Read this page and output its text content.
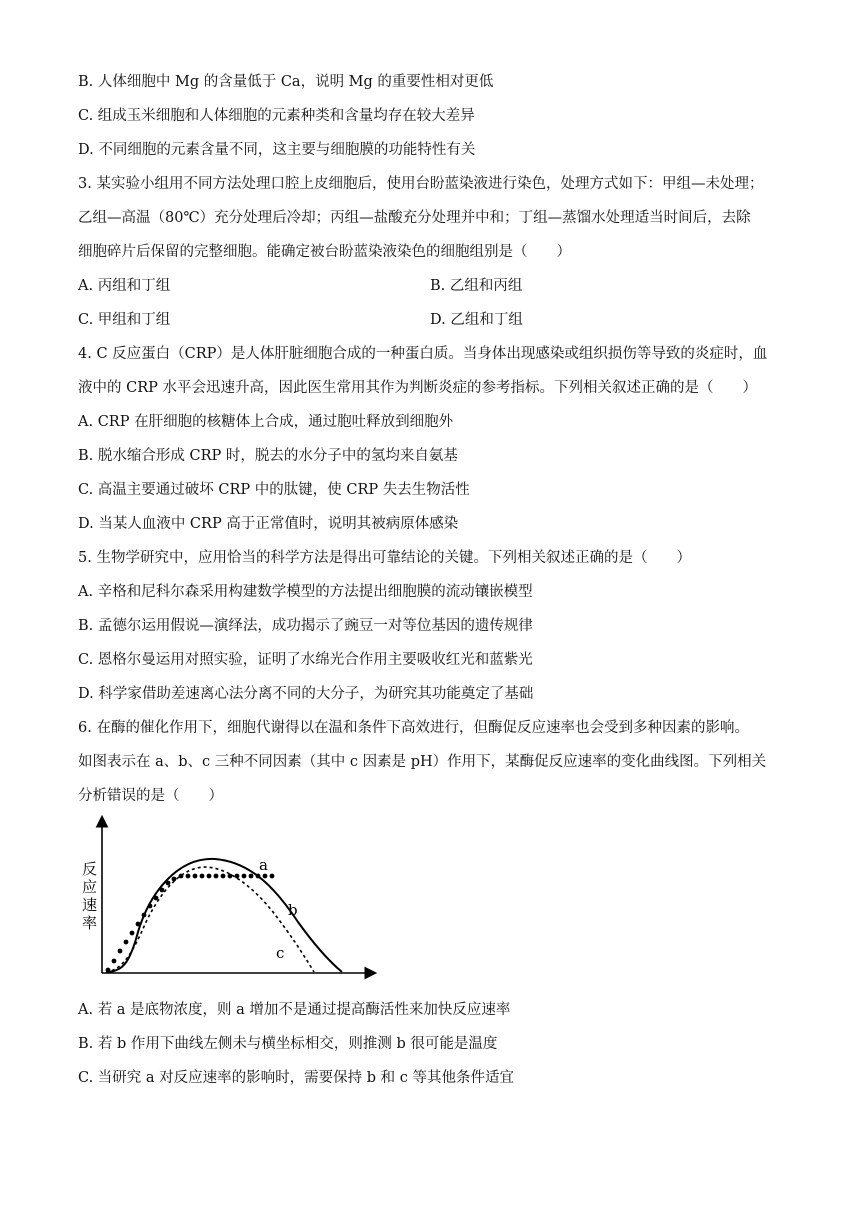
B. 人体细胞中 Mg 的含量低于 Ca，说明 Mg 的重要性相对更低
C. 组成玉米细胞和人体细胞的元素种类和含量均存在较大差异
D. 不同细胞的元素含量不同，这主要与细胞膜的功能特性有关
3. 某实验小组用不同方法处理口腔上皮细胞后，使用台盼蓝染液进行染色，处理方式如下：甲组—未处理；
乙组—高温（80℃）充分处理后冷却；丙组—盐酸充分处理并中和；丁组—蒸馏水处理适当时间后，去除
细胞碎片后保留的完整细胞。能确定被台盼蓝染液染色的细胞组别是（　　）
A. 丙组和丁组	B. 乙组和丙组
C. 甲组和丁组	D. 乙组和丁组
4. C 反应蛋白（CRP）是人体肝脏细胞合成的一种蛋白质。当身体出现感染或组织损伤等导致的炎症时，血
液中的 CRP 水平会迅速升高，因此医生常用其作为判断炎症的参考指标。下列相关叙述正确的是（　　）
A. CRP 在肝细胞的核糖体上合成，通过胞吐释放到细胞外
B. 脱水缩合形成 CRP 时，脱去的水分子中的氢均来自氨基
C. 高温主要通过破坏 CRP 中的肽键，使 CRP 失去生物活性
D. 当某人血液中 CRP 高于正常值时，说明其被病原体感染
5. 生物学研究中，应用恰当的科学方法是得出可靠结论的关键。下列相关叙述正确的是（　　）
A. 辛格和尼科尔森采用构建数学模型的方法提出细胞膜的流动镶嵌模型
B. 孟德尔运用假说—演绎法，成功揭示了豌豆一对等位基因的遗传规律
C. 恩格尔曼运用对照实验，证明了水绵光合作用主要吸收红光和蓝紫光
D. 科学家借助差速离心法分离不同的大分子，为研究其功能奠定了基础
6. 在酶的催化作用下，细胞代谢得以在温和条件下高效进行，但酶促反应速率也会受到多种因素的影响。
如图表示在 a、b、c 三种不同因素（其中 c 因素是 pH）作用下，某酶促反应速率的变化曲线图。下列相关
分析错误的是（　　）
反
应
速
率
a
b
c
A. 若 a 是底物浓度，则 a 增加不是通过提高酶活性来加快反应速率
B. 若 b 作用下曲线左侧未与横坐标相交，则推测 b 很可能是温度
C. 当研究 a 对反应速率的影响时，需要保持 b 和 c 等其他条件适宜
